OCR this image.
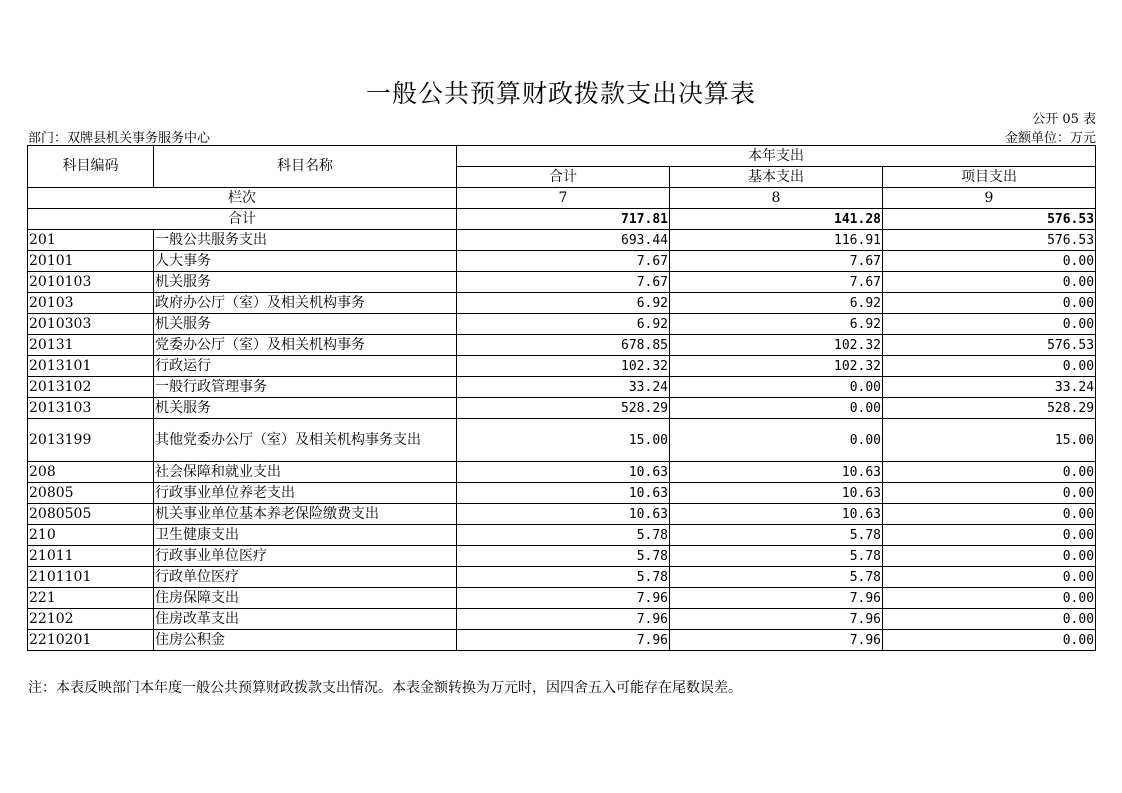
一般公共预算财政拨款支出决算表
公开 05 表
部门：双牌县机关事务服务中心	金额单位：万元
科目编码	科目名称	本年支出		
		合计	基本支出	项目支出
栏次		7	8	9
合计		717.81	141.28	576.53
201	一般公共服务支出	693.44	116.91	576.53
20101	人大事务	7.67	7.67	0.00
2010103	机关服务	7.67	7.67	0.00
20103	政府办公厅（室）及相关机构事务	6.92	6.92	0.00
2010303	机关服务	6.92	6.92	0.00
20131	党委办公厅（室）及相关机构事务	678.85	102.32	576.53
2013101	行政运行	102.32	102.32	0.00
2013102	一般行政管理事务	33.24	0.00	33.24
2013103	机关服务	528.29	0.00	528.29
2013199	其他党委办公厅（室）及相关机构事务支出	15.00	0.00	15.00
208	社会保障和就业支出	10.63	10.63	0.00
20805	行政事业单位养老支出	10.63	10.63	0.00
2080505	机关事业单位基本养老保险缴费支出	10.63	10.63	0.00
210	卫生健康支出	5.78	5.78	0.00
21011	行政事业单位医疗	5.78	5.78	0.00
2101101	行政单位医疗	5.78	5.78	0.00
221	住房保障支出	7.96	7.96	0.00
22102	住房改革支出	7.96	7.96	0.00
2210201	住房公积金	7.96	7.96	0.00
注：本表反映部门本年度一般公共预算财政拨款支出情况。本表金额转换为万元时，因四舍五入可能存在尾数误差。
